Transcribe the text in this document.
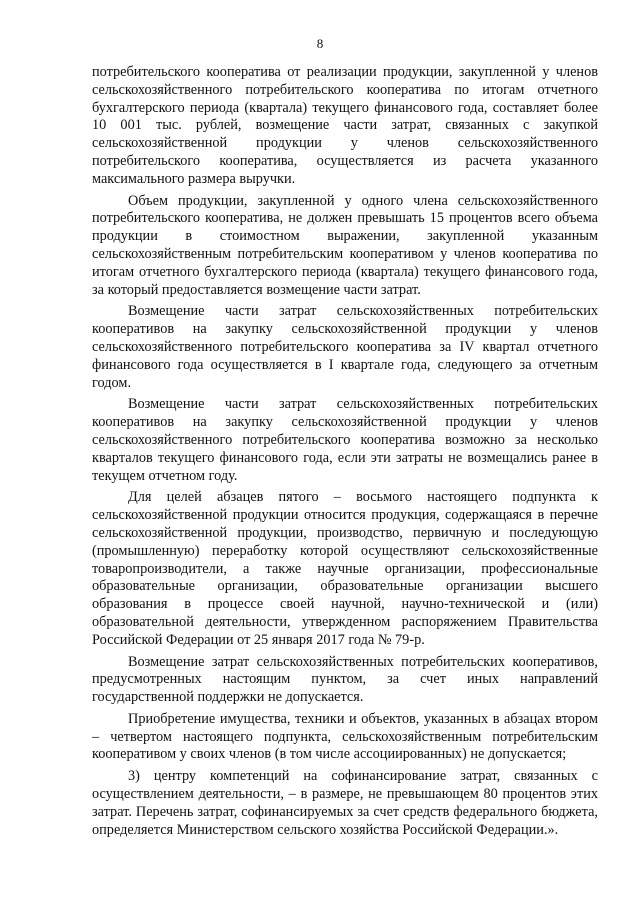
8

потребительского кооператива от реализации продукции, закупленной у членов сельскохозяйственного потребительского кооператива по итогам отчетного бухгалтерского периода (квартала) текущего финансового года, составляет более 10 001 тыс. рублей, возмещение части затрат, связанных с закупкой сельскохозяйственной продукции у членов сельскохозяйственного потребительского кооператива, осуществляется из расчета указанного максимального размера выручки.

Объем продукции, закупленной у одного члена сельскохозяйственного потребительского кооператива, не должен превышать 15 процентов всего объема продукции в стоимостном выражении, закупленной указанным сельскохозяйственным потребительским кооперативом у членов кооператива по итогам отчетного бухгалтерского периода (квартала) текущего финансового года, за который предоставляется возмещение части затрат.

Возмещение части затрат сельскохозяйственных потребительских кооперативов на закупку сельскохозяйственной продукции у членов сельскохозяйственного потребительского кооператива за IV квартал отчетного финансового года осуществляется в I квартале года, следующего за отчетным годом.

Возмещение части затрат сельскохозяйственных потребительских кооперативов на закупку сельскохозяйственной продукции у членов сельскохозяйственного потребительского кооператива возможно за несколько кварталов текущего финансового года, если эти затраты не возмещались ранее в текущем отчетном году.

Для целей абзацев пятого – восьмого настоящего подпункта к сельскохозяйственной продукции относится продукция, содержащаяся в перечне сельскохозяйственной продукции, производство, первичную и последующую (промышленную) переработку которой осуществляют сельскохозяйственные товаропроизводители, а также научные организации, профессиональные образовательные организации, образовательные организации высшего образования в процессе своей научной, научно-технической и (или) образовательной деятельности, утвержденном распоряжением Правительства Российской Федерации от 25 января 2017 года № 79-р.

Возмещение затрат сельскохозяйственных потребительских кооперативов, предусмотренных настоящим пунктом, за счет иных направлений государственной поддержки не допускается.

Приобретение имущества, техники и объектов, указанных в абзацах втором – четвертом настоящего подпункта, сельскохозяйственным потребительским кооперативом у своих членов (в том числе ассоциированных) не допускается;

3) центру компетенций на софинансирование затрат, связанных с осуществлением деятельности, – в размере, не превышающем 80 процентов этих затрат. Перечень затрат, софинансируемых за счет средств федерального бюджета, определяется Министерством сельского хозяйства Российской Федерации.».
